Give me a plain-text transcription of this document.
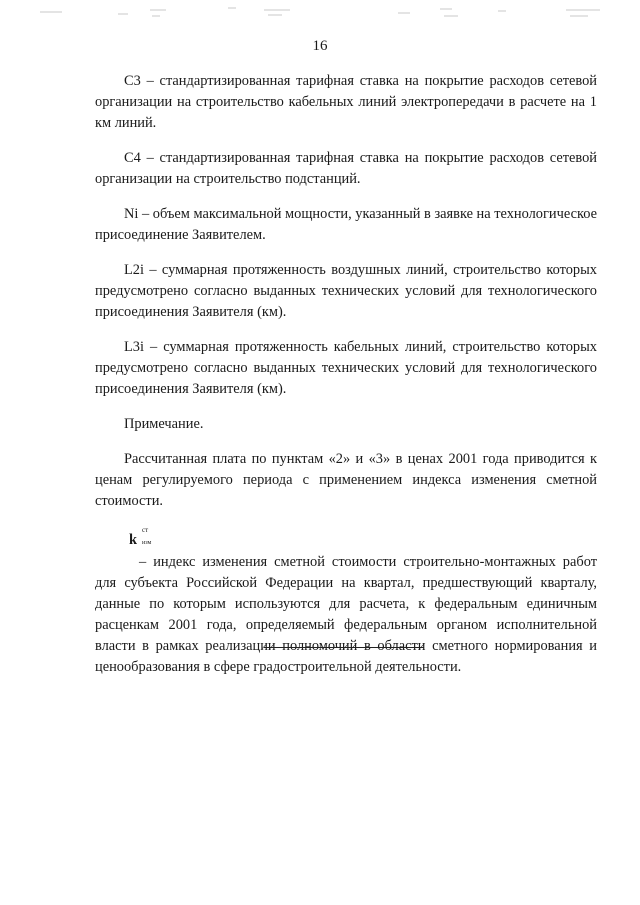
16

С3 – стандартизированная тарифная ставка на покрытие расходов сетевой организации на строительство кабельных линий электропередачи в расчете на 1 км линий.

С4 – стандартизированная тарифная ставка на покрытие расходов сетевой организации на строительство подстанций.

Ni – объем максимальной мощности, указанный в заявке на технологическое присоединение Заявителем.

L2i – суммарная протяженность воздушных линий, строительство которых предусмотрено согласно выданных технических условий для технологического присоединения Заявителя (км).

L3i – суммарная протяженность кабельных линий, строительство которых предусмотрено согласно выданных технических условий для технологического присоединения Заявителя (км).

Примечание.

Рассчитанная плата по пунктам «2» и «3» в ценах 2001 года приводится к ценам регулируемого периода с применением индекса изменения сметной стоимости.

k
ст
изм

– индекс изменения сметной стоимости строительно-монтажных работ для субъекта Российской Федерации на квартал, предшествующий кварталу, данные по которым используются для расчета, к федеральным единичным расценкам 2001 года, определяемый федеральным органом исполнительной власти в рамках реализации полномочий в области сметного нормирования и ценообразования в сфере градостроительной деятельности.
